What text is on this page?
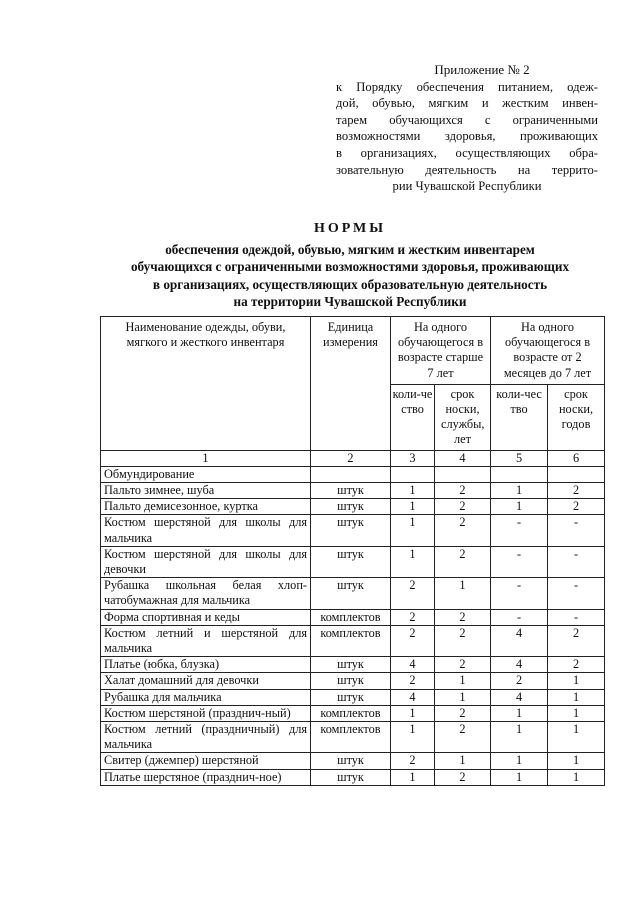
Приложение № 2
к Порядку обеспечения питанием, одеж-
дой, обувью, мягким и жестким инвен-
тарем обучающихся с ограниченными
возможностями здоровья, проживающих
в организациях, осуществляющих обра-
зовательную деятельность на террито-
рии Чувашской Республики
НОРМЫ
обеспечения одеждой, обувью, мягким и жестким инвентарем
обучающихся с ограниченными возможностями здоровья, проживающих
в организациях, осуществляющих образовательную деятельность
на территории Чувашской Республики
Наименование одежды, обуви, мягкого и жесткого инвентаря	Единица измерения	На одного обучающегося в возрасте старше 7 лет		На одного обучающегося в возрасте от 2 месяцев до 7 лет	
		коли-чество	срок носки, службы, лет	коли-чество	срок носки, годов
1	2	3	4	5	6
Обмундирование					
Пальто зимнее, шуба	штук	1	2	1	2
Пальто демисезонное, куртка	штук	1	2	1	2
Костюм шерстяной для школы для мальчика	штук	1	2	-	-
Костюм шерстяной для школы для девочки	штук	1	2	-	-
Рубашка школьная белая хлоп-чатобумажная для мальчика	штук	2	1	-	-
Форма спортивная и кеды	комплектов	2	2	-	-
Костюм летний и шерстяной для мальчика	комплектов	2	2	4	2
Платье (юбка, блузка)	штук	4	2	4	2
Халат домашний для девочки	штук	2	1	2	1
Рубашка для мальчика	штук	4	1	4	1
Костюм шерстяной (празднич-ный)	комплектов	1	2	1	1
Костюм летний (праздничный) для мальчика	комплектов	1	2	1	1
Свитер (джемпер) шерстяной	штук	2	1	1	1
Платье шерстяное (празднич-ное)	штук	1	2	1	1
